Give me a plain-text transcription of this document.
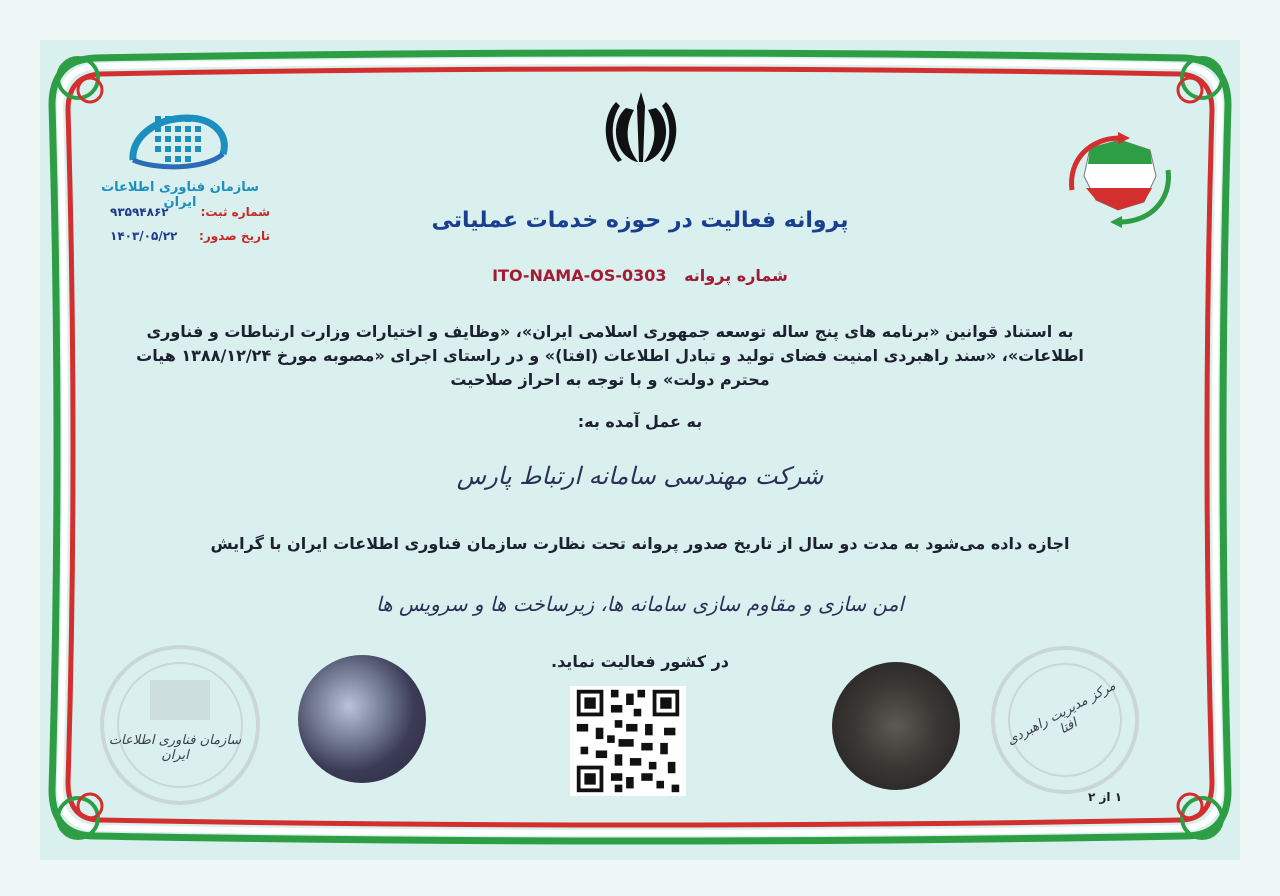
سازمان فناوری اطلاعات ایران
شماره ثبت:
۹۳۵۹۴۸۶۲
تاریخ صدور:
۱۴۰۳/۰۵/۲۲
پروانه فعالیت در حوزه خدمات عملیاتی
شماره پروانه ITO-NAMA-OS-0303

به استناد قوانین «برنامه های پنج ساله توسعه جمهوری اسلامی ایران»، «وظایف و اختیارات وزارت ارتباطات و فناوری اطلاعات»، «سند راهبردی امنیت فضای تولید و تبادل اطلاعات (افتا)» و در راستای اجرای «مصوبه مورخ ۱۳۸۸/۱۲/۲۴ هیات محترم دولت» و با توجه به احراز صلاحیت

به عمل آمده به:
شرکت مهندسی سامانه ارتباط پارس
اجازه داده می‌شود به مدت دو سال از تاریخ صدور پروانه تحت نظارت سازمان فناوری اطلاعات ایران با گرایش
امن سازی و مقاوم سازی سامانه ها، زیرساخت ها و سرویس ها
در کشور فعالیت نماید.
سازمان فناوری اطلاعات ایران
مرکز مدیریت راهبردی افتا
۱ از ۲
